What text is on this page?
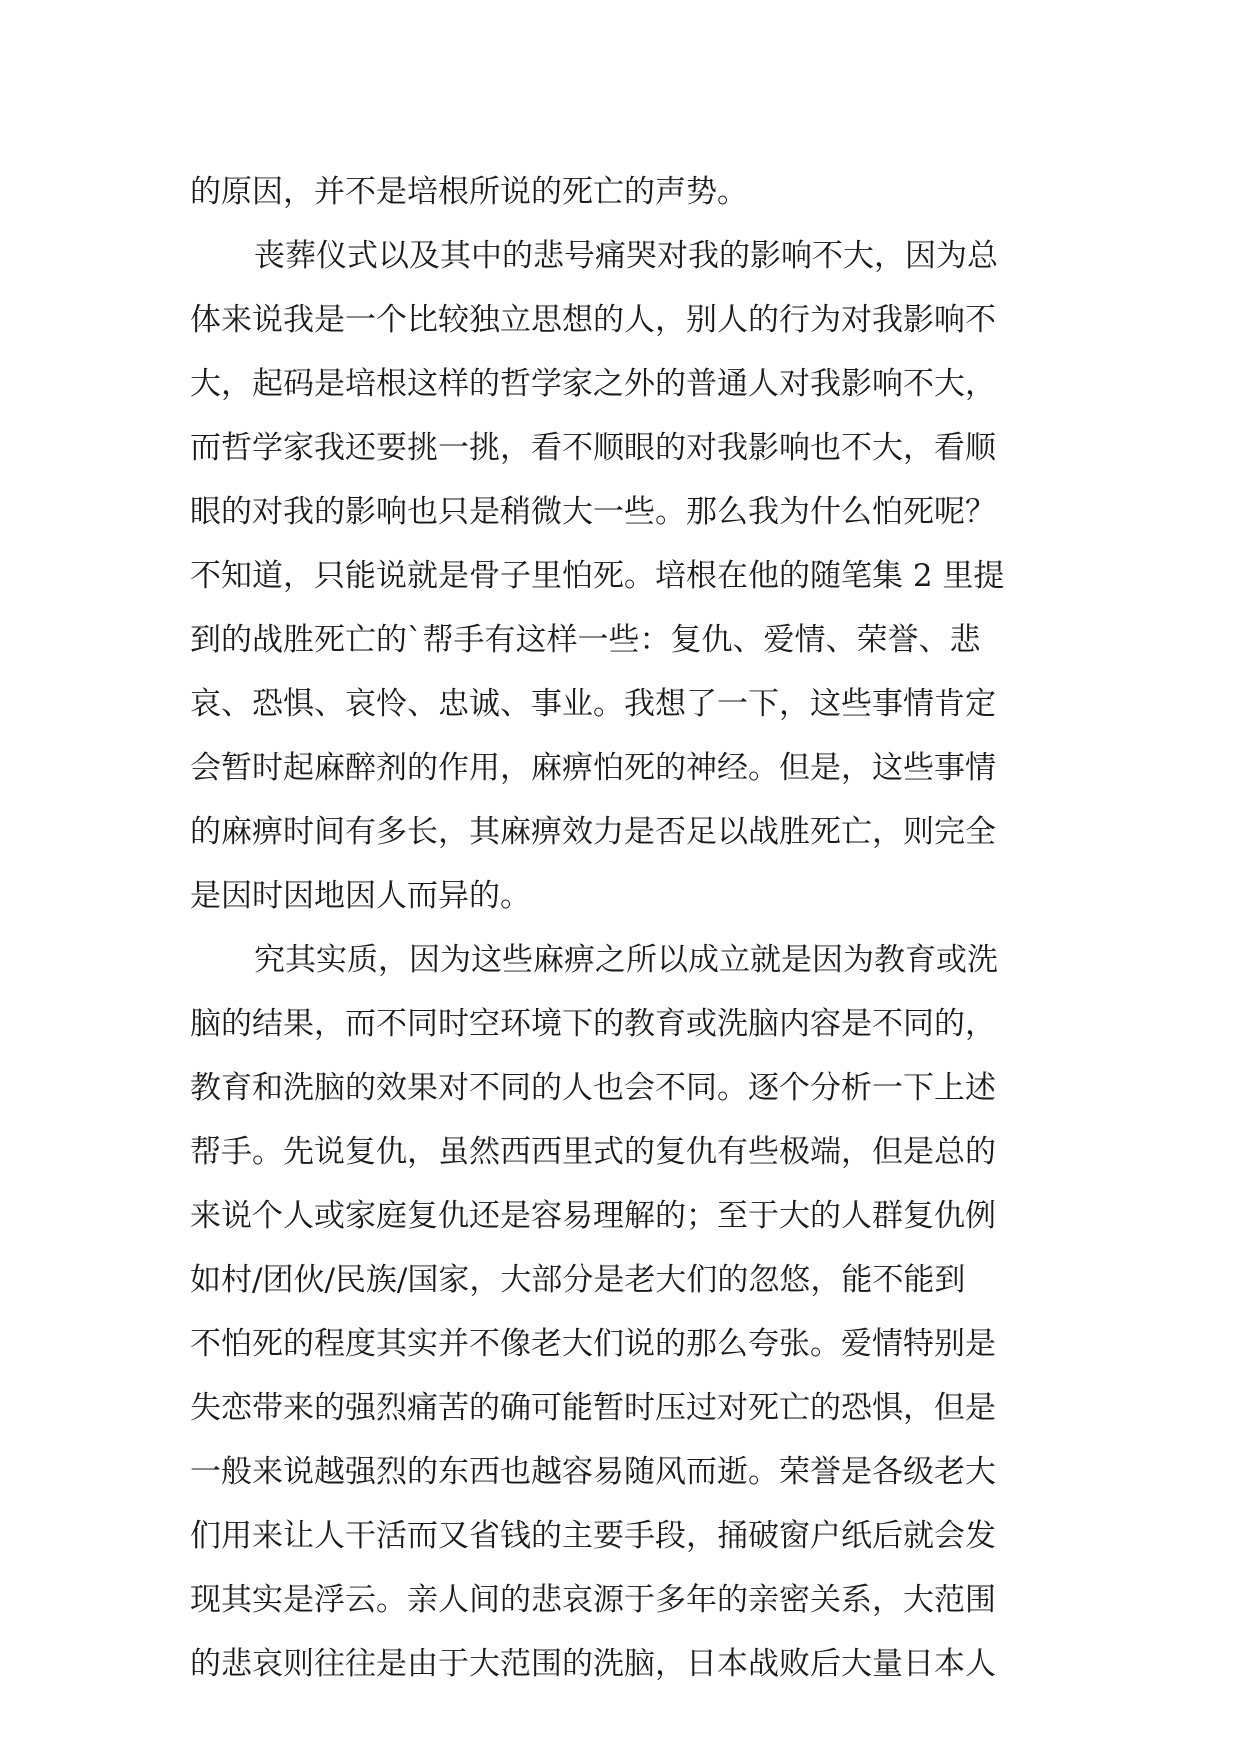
的原因，并不是培根所说的死亡的声势。
丧葬仪式以及其中的悲号痛哭对我的影响不大，因为总
体来说我是一个比较独立思想的人，别人的行为对我影响不
大，起码是培根这样的哲学家之外的普通人对我影响不大，
而哲学家我还要挑一挑，看不顺眼的对我影响也不大，看顺
眼的对我的影响也只是稍微大一些。那么我为什么怕死呢？
不知道，只能说就是骨子里怕死。培根在他的随笔集 2 里提
到的战胜死亡的`帮手有这样一些：复仇、爱情、荣誉、悲
哀、恐惧、哀怜、忠诚、事业。我想了一下，这些事情肯定
会暂时起麻醉剂的作用，麻痹怕死的神经。但是，这些事情
的麻痹时间有多长，其麻痹效力是否足以战胜死亡，则完全
是因时因地因人而异的。
究其实质，因为这些麻痹之所以成立就是因为教育或洗
脑的结果，而不同时空环境下的教育或洗脑内容是不同的，
教育和洗脑的效果对不同的人也会不同。逐个分析一下上述
帮手。先说复仇，虽然西西里式的复仇有些极端，但是总的
来说个人或家庭复仇还是容易理解的；至于大的人群复仇例
如村/团伙/民族/国家，大部分是老大们的忽悠，能不能到
不怕死的程度其实并不像老大们说的那么夸张。爱情特别是
失恋带来的强烈痛苦的确可能暂时压过对死亡的恐惧，但是
一般来说越强烈的东西也越容易随风而逝。荣誉是各级老大
们用来让人干活而又省钱的主要手段，捅破窗户纸后就会发
现其实是浮云。亲人间的悲哀源于多年的亲密关系，大范围
的悲哀则往往是由于大范围的洗脑，日本战败后大量日本人
